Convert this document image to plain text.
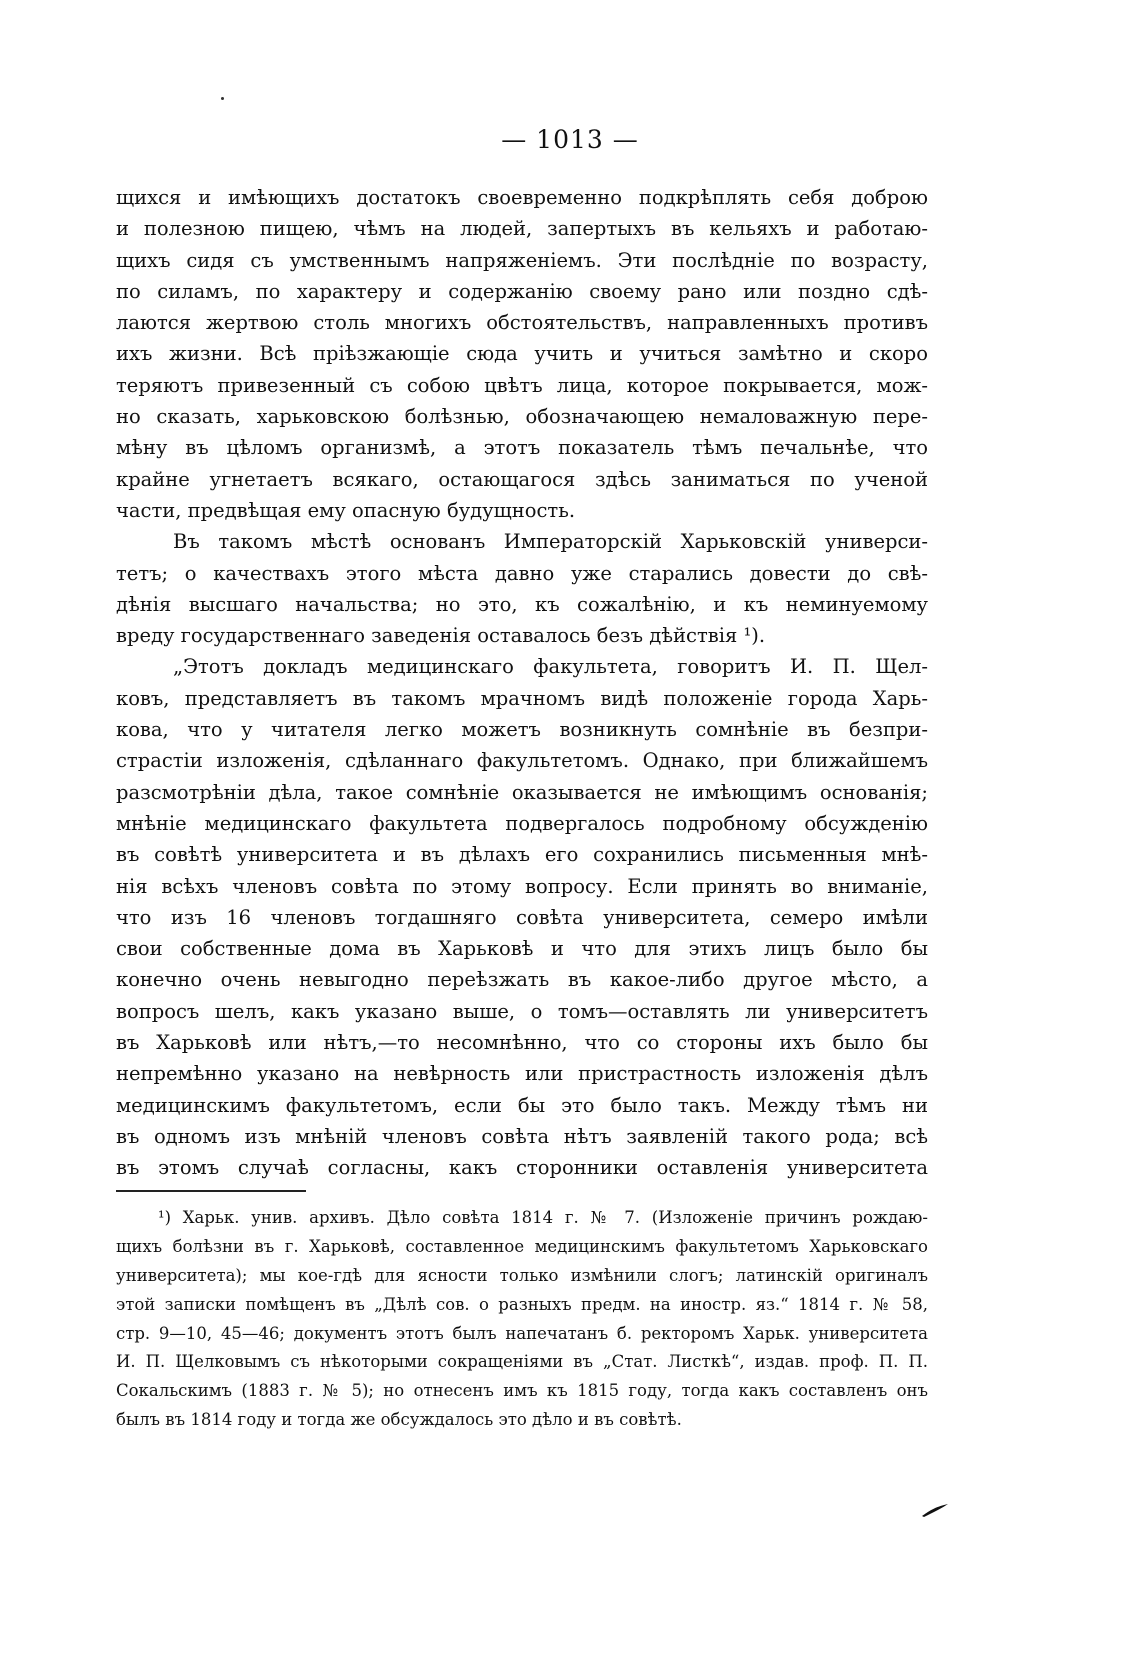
— 1013 —
щихся и имѣющихъ достатокъ своевременно подкрѣплять себя доброю
и полезною пищею, чѣмъ на людей, запертыхъ въ кельяхъ и работаю-
щихъ сидя съ умственнымъ напряженіемъ. Эти послѣдніе по возрасту,
по силамъ, по характеру и содержанію своему рано или поздно сдѣ-
лаются жертвою столь многихъ обстоятельствъ, направленныхъ противъ
ихъ жизни. Всѣ пріѣзжающіе сюда учить и учиться замѣтно и скоро
теряютъ привезенный съ собою цвѣтъ лица, которое покрывается, мож-
но сказать, харьковскою болѣзнью, обозначающею немаловажную пере-
мѣну въ цѣломъ организмѣ, а этотъ показатель тѣмъ печальнѣе, что
крайне угнетаетъ всякаго, остающагося здѣсь заниматься по ученой
части, предвѣщая ему опасную будущность.
Въ такомъ мѣстѣ основанъ Императорскій Харьковскій универси-
тетъ; о качествахъ этого мѣста давно уже старались довести до свѣ-
дѣнія высшаго начальства; но это, къ сожалѣнію, и къ неминуемому
вреду государственнаго заведенія оставалось безъ дѣйствія ¹).
„Этотъ докладъ медицинскаго факультета, говоритъ И. П. Щел-
ковъ, представляетъ въ такомъ мрачномъ видѣ положеніе города Харь-
кова, что у читателя легко можетъ возникнуть сомнѣніе въ безпри-
страстіи изложенія, сдѣланнаго факультетомъ. Однако, при ближайшемъ
разсмотрѣніи дѣла, такое сомнѣніе оказывается не имѣющимъ основанія;
мнѣніе медицинскаго факультета подвергалось подробному обсужденію
въ совѣтѣ университета и въ дѣлахъ его сохранились письменныя мнѣ-
нія всѣхъ членовъ совѣта по этому вопросу. Если принять во вниманіе,
что изъ 16 членовъ тогдашняго совѣта университета, семеро имѣли
свои собственные дома въ Харьковѣ и что для этихъ лицъ было бы
конечно очень невыгодно переѣзжать въ какое-либо другое мѣсто, а
вопросъ шелъ, какъ указано выше, о томъ—оставлять ли университетъ
въ Харьковѣ или нѣтъ,—то несомнѣнно, что со стороны ихъ было бы
непремѣнно указано на невѣрность или пристрастность изложенія дѣлъ
медицинскимъ факультетомъ, если бы это было такъ. Между тѣмъ ни
въ одномъ изъ мнѣній членовъ совѣта нѣтъ заявленій такого рода; всѣ
въ этомъ случаѣ согласны, какъ сторонники оставленія университета
¹) Харьк. унив. архивъ. Дѣло совѣта 1814 г. № 7. (Изложеніе причинъ рождаю-
щихъ болѣзни въ г. Харьковѣ, составленное медицинскимъ факультетомъ Харьковскаго
университета); мы кое-гдѣ для ясности только измѣнили слогъ; латинскій оригиналъ
этой записки помѣщенъ въ „Дѣлѣ сов. о разныхъ предм. на иностр. яз.“ 1814 г. № 58,
стр. 9—10, 45—46; документъ этотъ былъ напечатанъ б. ректоромъ Харьк. университета
И. П. Щелковымъ съ нѣкоторыми сокращеніями въ „Стат. Листкѣ“, издав. проф. П. П.
Сокальскимъ (1883 г. № 5); но отнесенъ имъ къ 1815 году, тогда какъ составленъ онъ
былъ въ 1814 году и тогда же обсуждалось это дѣло и въ совѣтѣ.
